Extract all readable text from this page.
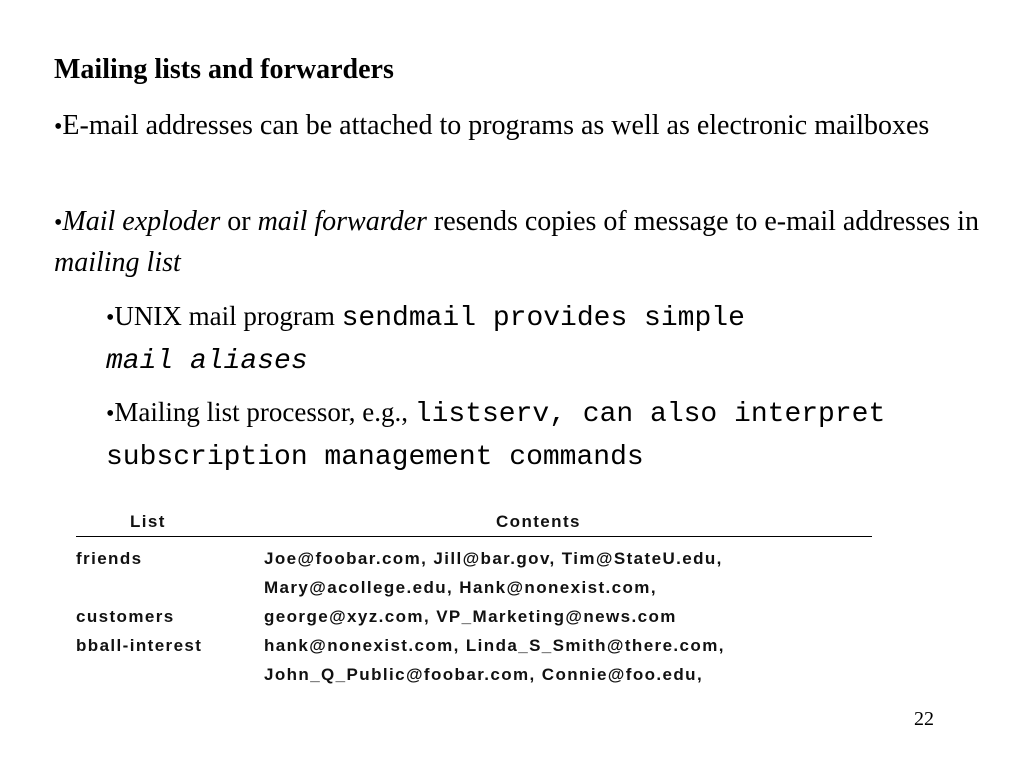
Mailing lists and forwarders
•E-mail addresses can be attached to programs as well as electronic mailboxes
•Mail exploder or mail forwarder resends copies of message to e-mail addresses in mailing list
•UNIX mail program sendmail provides simple
mail aliases
•Mailing list processor, e.g., listserv, can also interpret subscription management commands
List	Contents
friends	Joe@foobar.com, Jill@bar.gov, Tim@StateU.edu,
Mary@acollege.edu, Hank@nonexist.com,
customers	george@xyz.com, VP_Marketing@news.com
bball-interest	hank@nonexist.com, Linda_S_Smith@there.com,
John_Q_Public@foobar.com, Connie@foo.edu,
22
